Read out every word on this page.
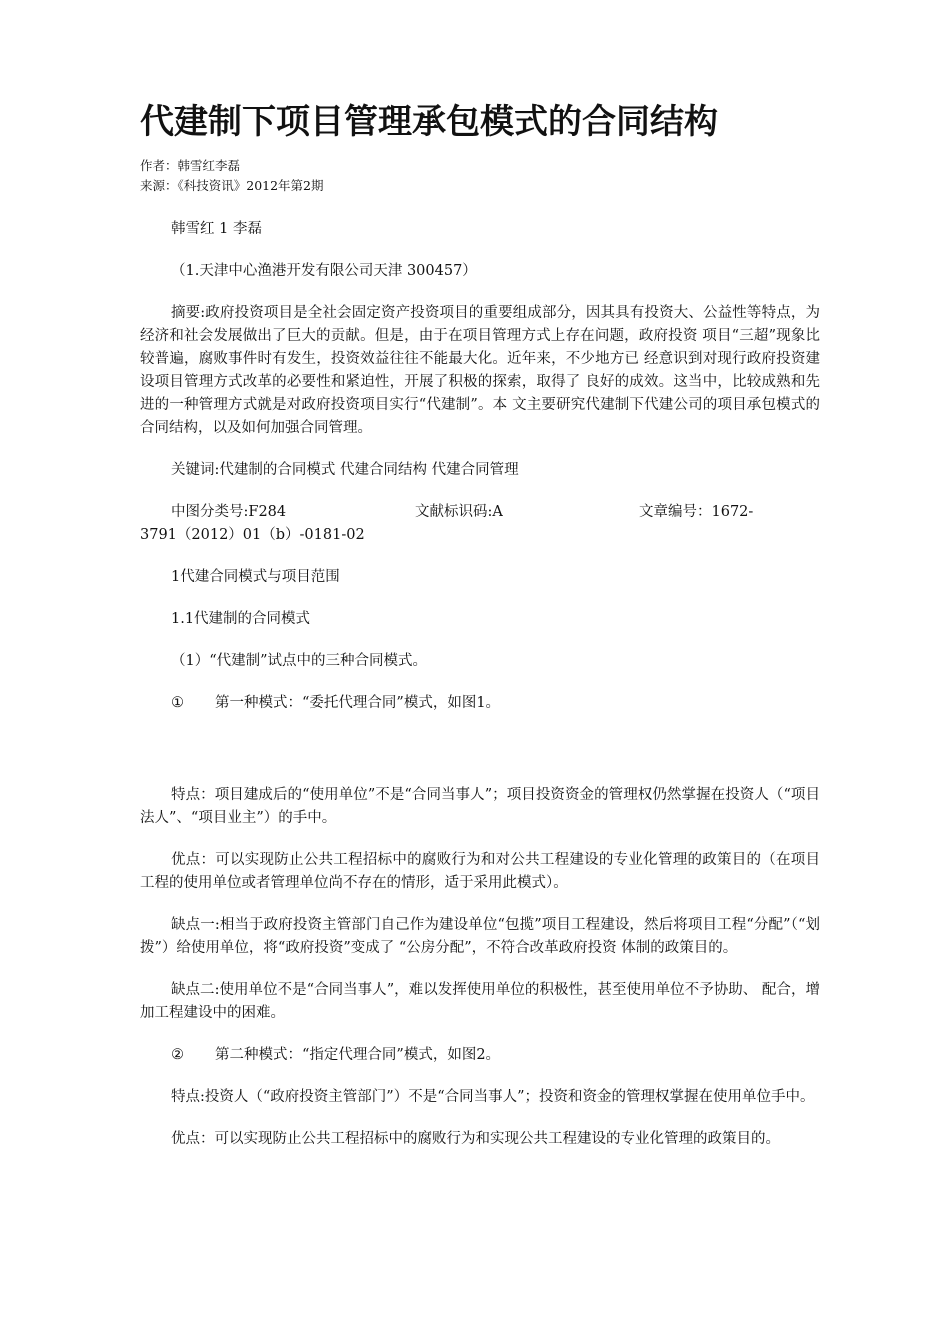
代建制下项目管理承包模式的合同结构

作者：韩雪红李磊

来源：《科技资讯》2012年第2期

韩雪红 1 李磊

（1.天津中心渔港开发有限公司天津 300457）

摘要:政府投资项目是全社会固定资产投资项目的重要组成部分，因其具有投资大、公益性等特点，为经济和社会发展做出了巨大的贡献。但是，由于在项目管理方式上存在问题，政府投资 项目“三超”现象比较普遍，腐败事件时有发生，投资效益往往不能最大化。近年来，不少地方已 经意识到对现行政府投资建设项目管理方式改革的必要性和紧迫性，开展了积极的探索，取得了 良好的成效。这当中，比较成熟和先进的一种管理方式就是对政府投资项目实行“代建制”。本 文主要研究代建制下代建公司的项目承包模式的合同结构，以及如何加强合同管理。

关键词:代建制的合同模式 代建合同结构 代建合同管理

中图分类号:F284	文献标识码:A	文章编号：1672-
3791（2012）01（b）-0181-02

1代建合同模式与项目范围

1.1代建制的合同模式

（1）“代建制”试点中的三种合同模式。

① 第一种模式：“委托代理合同”模式，如图1。

特点：项目建成后的“使用单位”不是“合同当事人”；项目投资资金的管理权仍然掌握在投资人（“项目法人”、“项目业主”）的手中。

优点：可以实现防止公共工程招标中的腐败行为和对公共工程建设的专业化管理的政策目的（在项目工程的使用单位或者管理单位尚不存在的情形，适于采用此模式）。

缺点一:相当于政府投资主管部门自己作为建设单位“包揽”项目工程建设，然后将项目工程“分配”（“划拨”）给使用单位，将“政府投资”变成了 “公房分配”，不符合改革政府投资 体制的政策目的。

缺点二:使用单位不是“合同当事人”，难以发挥使用单位的积极性，甚至使用单位不予协助、 配合，增加工程建设中的困难。

② 第二种模式：“指定代理合同”模式，如图2。

特点:投资人（“政府投资主管部门”）不是“合同当事人”；投资和资金的管理权掌握在使用单位手中。

优点：可以实现防止公共工程招标中的腐败行为和实现公共工程建设的专业化管理的政策目的。
